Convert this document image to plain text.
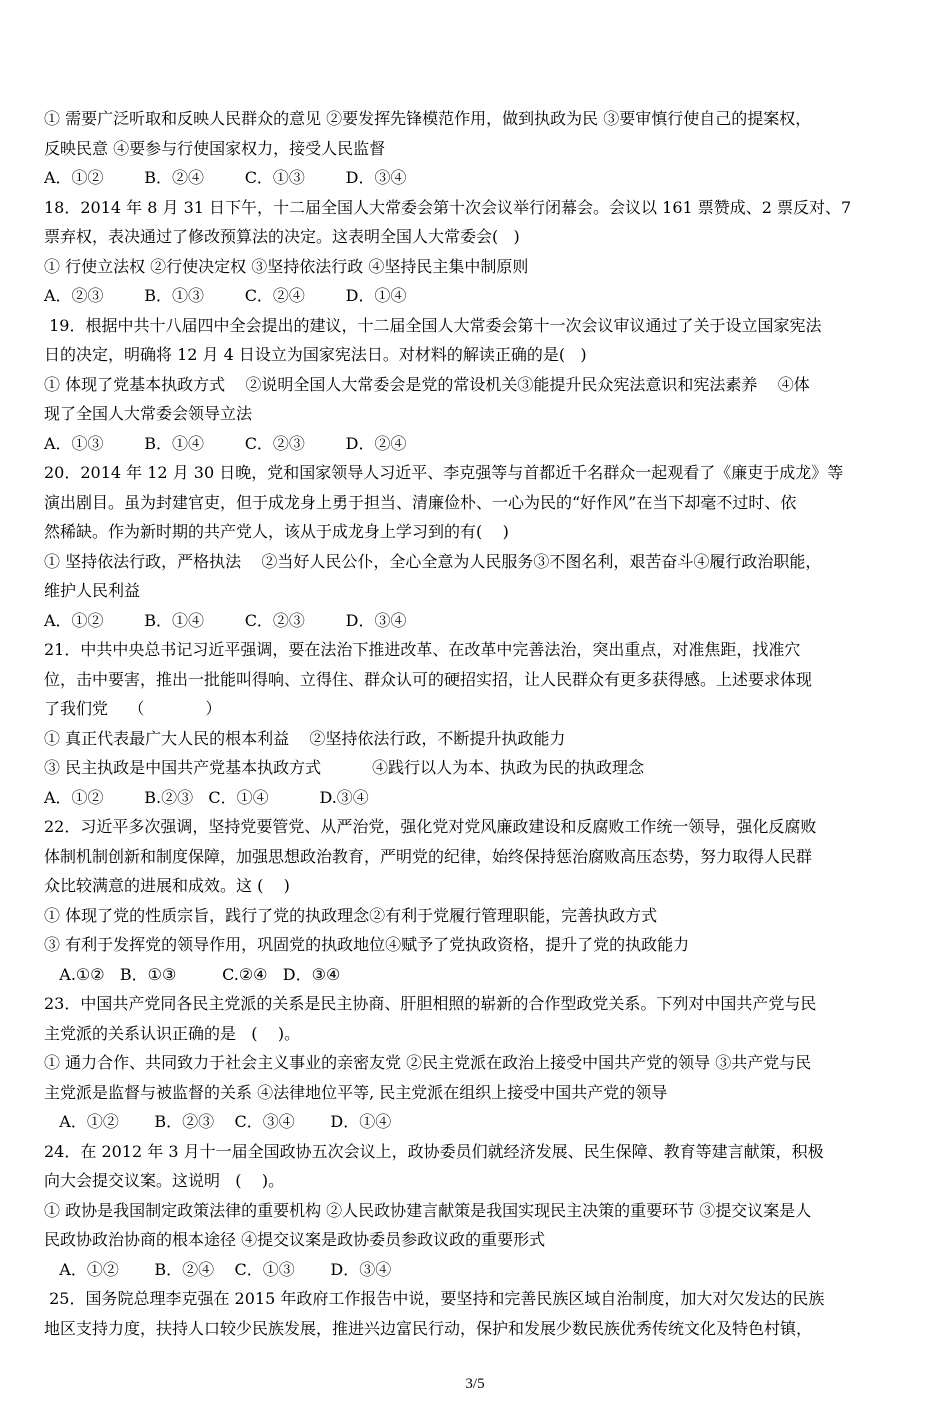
① 需要广泛听取和反映人民群众的意见 ②要发挥先锋模范作用，做到执政为民 ③要审慎行使自己的提案权，
反映民意 ④要参与行使国家权力，接受人民监督
A．①②        B．②④        C．①③        D．③④
18．2014 年 8 月 31 日下午，十二届全国人大常委会第十次会议举行闭幕会。会议以 161 票赞成、2 票反对、7
票弃权，表决通过了修改预算法的决定。这表明全国人大常委会(   )
① 行使立法权 ②行使决定权 ③坚持依法行政 ④坚持民主集中制原则
A．②③        B．①③        C．②④        D．①④
19．根据中共十八届四中全会提出的建议，十二届全国人大常委会第十一次会议审议通过了关于设立国家宪法
日的决定，明确将 12 月 4 日设立为国家宪法日。对材料的解读正确的是(   )
① 体现了党基本执政方式    ②说明全国人大常委会是党的常设机关③能提升民众宪法意识和宪法素养    ④体
现了全国人大常委会领导立法
A．①③        B．①④        C．②③        D．②④
20．2014 年 12 月 30 日晚，党和国家领导人习近平、李克强等与首都近千名群众一起观看了《廉吏于成龙》等
演出剧目。虽为封建官吏，但于成龙身上勇于担当、清廉俭朴、一心为民的“好作风”在当下却毫不过时、依
然稀缺。作为新时期的共产党人，该从于成龙身上学习到的有(    )
① 坚持依法行政，严格执法    ②当好人民公仆，全心全意为人民服务③不图名利，艰苦奋斗④履行政治职能，
维护人民利益
A．①②        B．①④        C．②③        D．③④
21．中共中央总书记习近平强调，要在法治下推进改革、在改革中完善法治，突出重点，对准焦距，找准穴
位，击中要害，推出一批能叫得响、立得住、群众认可的硬招实招，让人民群众有更多获得感。上述要求体现
了我们党    （            ）
① 真正代表最广大人民的根本利益    ②坚持依法行政，不断提升执政能力
③ 民主执政是中国共产党基本执政方式          ④践行以人为本、执政为民的执政理念
A．①②        B.②③   C．①④          D.③④
22．习近平多次强调，坚持党要管党、从严治党，强化党对党风廉政建设和反腐败工作统一领导，强化反腐败
体制机制创新和制度保障，加强思想政治教育，严明党的纪律，始终保持惩治腐败高压态势，努力取得人民群
众比较满意的进展和成效。这 (    )
① 体现了党的性质宗旨，践行了党的执政理念②有利于党履行管理职能，完善执政方式
③ 有利于发挥党的领导作用，巩固党的执政地位④赋予了党执政资格，提升了党的执政能力
A.①②   B．①③         C.②④   D．③④
23．中国共产党同各民主党派的关系是民主协商、肝胆相照的崭新的合作型政党关系。下列对中国共产党与民
主党派的关系认识正确的是   (    )。
① 通力合作、共同致力于社会主义事业的亲密友党 ②民主党派在政治上接受中国共产党的领导 ③共产党与民
主党派是监督与被监督的关系 ④法律地位平等, 民主党派在组织上接受中国共产党的领导
A．①②       B．②③    C．③④       D．①④
24．在 2012 年 3 月十一届全国政协五次会议上，政协委员们就经济发展、民生保障、教育等建言献策，积极
向大会提交议案。这说明   (    )。
① 政协是我国制定政策法律的重要机构 ②人民政协建言献策是我国实现民主决策的重要环节 ③提交议案是人
民政协政治协商的根本途径 ④提交议案是政协委员参政议政的重要形式
A．①②       B．②④    C．①③       D．③④
25．国务院总理李克强在 2015 年政府工作报告中说，要坚持和完善民族区域自治制度，加大对欠发达的民族
地区支持力度，扶持人口较少民族发展，推进兴边富民行动，保护和发展少数民族优秀传统文化及特色村镇，
3/5
